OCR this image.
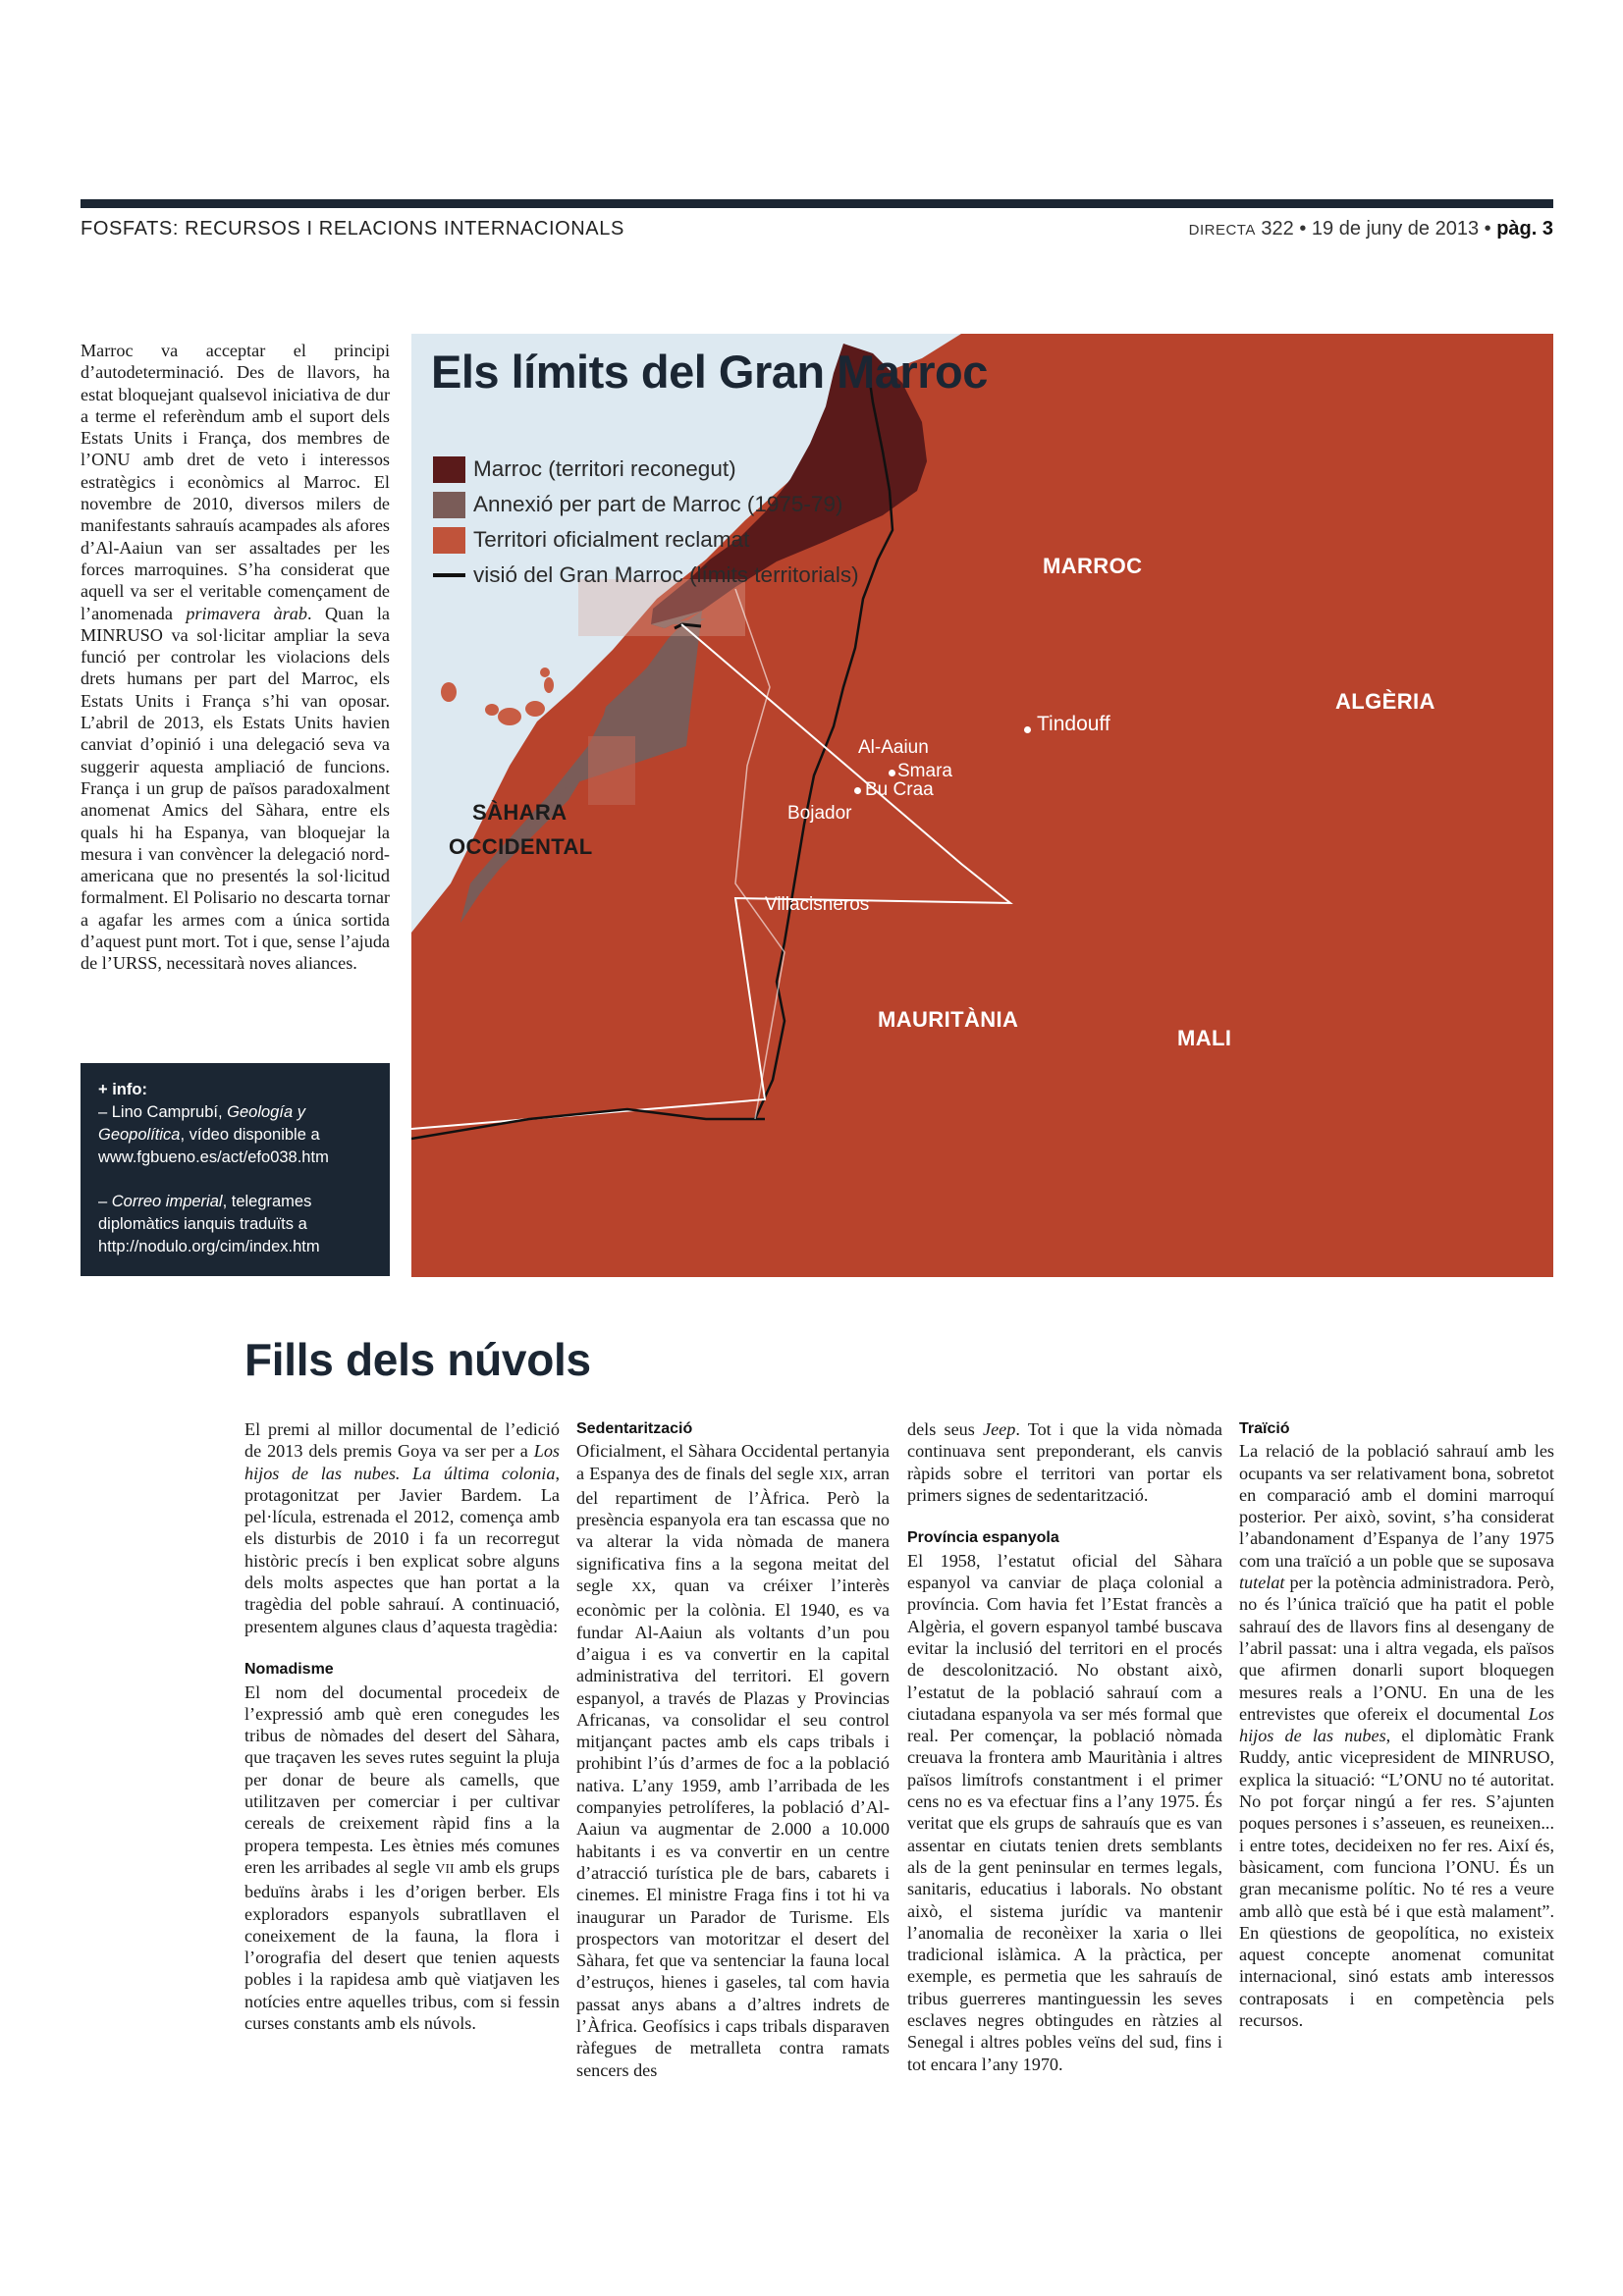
FOSFATS: RECURSOS I RELACIONS INTERNACIONALS	DIRECTA 322 • 19 de juny de 2013 • pàg. 3
Marroc va acceptar el principi d’autodeterminació. Des de llavors, ha estat bloquejant qualsevol iniciativa de dur a terme el referèndum amb el suport dels Estats Units i França, dos membres de l’ONU amb dret de veto i interessos estratègics i econòmics al Marroc. El novembre de 2010, diversos milers de manifestants sahrauís acampades als afores d’Al-Aaiun van ser assaltades per les forces marroquines. S’ha considerat que aquell va ser el veritable començament de l’anomenada primavera àrab. Quan la MINRUSO va sol·licitar ampliar la seva funció per controlar les violacions dels drets humans per part del Marroc, els Estats Units i França s’hi van oposar. L’abril de 2013, els Estats Units havien canviat d’opinió i una delegació seva va suggerir aquesta ampliació de funcions. França i un grup de països paradoxalment anomenat Amics del Sàhara, entre els quals hi ha Espanya, van bloquejar la mesura i van convèncer la delegació nord-americana que no presentés la sol·licitud formalment. El Polisario no descarta tornar a agafar les armes com a única sortida d’aquest punt mort. Tot i que, sense l’ajuda de l’URSS, necessitarà noves aliances.
+ info:

– Lino Camprubí, Geología y Geopolítica, vídeo disponible a www.fgbueno.es/act/efo038.htm

– Correo imperial, telegrames diplomàtics ianquis traduïts a http://nodulo.org/cim/index.htm

Els límits del Gran Marroc
Marroc (territori reconegut)
Annexió per part de Marroc (1975-79)
Territori oficialment reclamat
visió del Gran Marroc (límits territorials)	MARROC
ALGÈRIA
SÀHARA
OCCIDENTAL
MAURITÀNIA
MALI
Tindouff
Al-Aaiun
Smara
Bu Craa
Bojador
Villacisneros
Fills dels núvols

El premi al millor documental de l’edició de 2013 dels premis Goya va ser per a Los hijos de las nubes. La última colonia, protagonitzat per Javier Bardem. La pel·lícula, estrenada el 2012, comença amb els disturbis de 2010 i fa un recorregut històric precís i ben explicat sobre alguns dels molts aspectes que han portat a la tragèdia del poble sahrauí. A continuació, presentem algunes claus d’aquesta tragèdia:

Nomadisme

El nom del documental procedeix de l’expressió amb què eren conegudes les tribus de nòmades del desert del Sàhara, que traçaven les seves rutes seguint la pluja per donar de beure als camells, que utilitzaven per comerciar i per cultivar cereals de creixement ràpid fins a la propera tempesta. Les ètnies més comunes eren les arribades al segle VII amb els grups beduïns àrabs i les d’origen berber. Els exploradors espanyols subratllaven el coneixement de la fauna, la flora i l’orografia del desert que tenien aquests pobles i la rapidesa amb què viatjaven les notícies entre aquelles tribus, com si fessin curses constants amb els núvols.

Sedentarització

Oficialment, el Sàhara Occidental pertanyia a Espanya des de finals del segle XIX, arran del repartiment de l’Àfrica. Però la presència espanyola era tan escassa que no va alterar la vida nòmada de manera significativa fins a la segona meitat del segle XX, quan va créixer l’interès econòmic per la colònia. El 1940, es va fundar Al-Aaiun als voltants d’un pou d’aigua i es va convertir en la capital administrativa del territori. El govern espanyol, a través de Plazas y Provincias Africanas, va consolidar el seu control mitjançant pactes amb els caps tribals i prohibint l’ús d’armes de foc a la població nativa. L’any 1959, amb l’arribada de les companyies petrolíferes, la població d’Al-Aaiun va augmentar de 2.000 a 10.000 habitants i es va convertir en un centre d’atracció turística ple de bars, cabarets i cinemes. El ministre Fraga fins i tot hi va inaugurar un Parador de Turisme. Els prospectors van motoritzar el desert del Sàhara, fet que va sentenciar la fauna local d’estruços, hienes i gaseles, tal com havia passat anys abans a d’altres indrets de l’Àfrica. Geofísics i caps tribals disparaven ràfegues de metralleta contra ramats sencers des

dels seus Jeep. Tot i que la vida nòmada continuava sent preponderant, els canvis ràpids sobre el territori van portar els primers signes de sedentarització.

Província espanyola

El 1958, l’estatut oficial del Sàhara espanyol va canviar de plaça colonial a província. Com havia fet l’Estat francès a Algèria, el govern espanyol també buscava evitar la inclusió del territori en el procés de descolonització. No obstant això, l’estatut de la població sahrauí com a ciutadana espanyola va ser més formal que real. Per començar, la població nòmada creuava la frontera amb Mauritània i altres països limítrofs constantment i el primer cens no es va efectuar fins a l’any 1975. És veritat que els grups de sahrauís que es van assentar en ciutats tenien drets semblants als de la gent peninsular en termes legals, sanitaris, educatius i laborals. No obstant això, el sistema jurídic va mantenir l’anomalia de reconèixer la xaria o llei tradicional islàmica. A la pràctica, per exemple, es permetia que les sahrauís de tribus guerreres mantinguessin les seves esclaves negres obtingudes en ràtzies al Senegal i altres pobles veïns del sud, fins i tot encara l’any 1970.

Traïció

La relació de la població sahrauí amb les ocupants va ser relativament bona, sobretot en comparació amb el domini marroquí posterior. Per això, sovint, s’ha considerat l’abandonament d’Espanya de l’any 1975 com una traïció a un poble que se suposava tutelat per la potència administradora. Però, no és l’única traïció que ha patit el poble sahrauí des de llavors fins al desengany de l’abril passat: una i altra vegada, els països que afirmen donarli suport bloquegen mesures reals a l’ONU. En una de les entrevistes que ofereix el documental Los hijos de las nubes, el diplomàtic Frank Ruddy, antic vicepresident de MINRUSO, explica la situació: “L’ONU no té autoritat. No pot forçar ningú a fer res. S’ajunten poques persones i s’asseuen, es reuneixen... i entre totes, decideixen no fer res. Així és, bàsicament, com funciona l’ONU. És un gran mecanisme polític. No té res a veure amb allò que està bé i que està malament”. En qüestions de geopolítica, no existeix aquest concepte anomenat comunitat internacional, sinó estats amb interessos contraposats i en competència pels recursos.
